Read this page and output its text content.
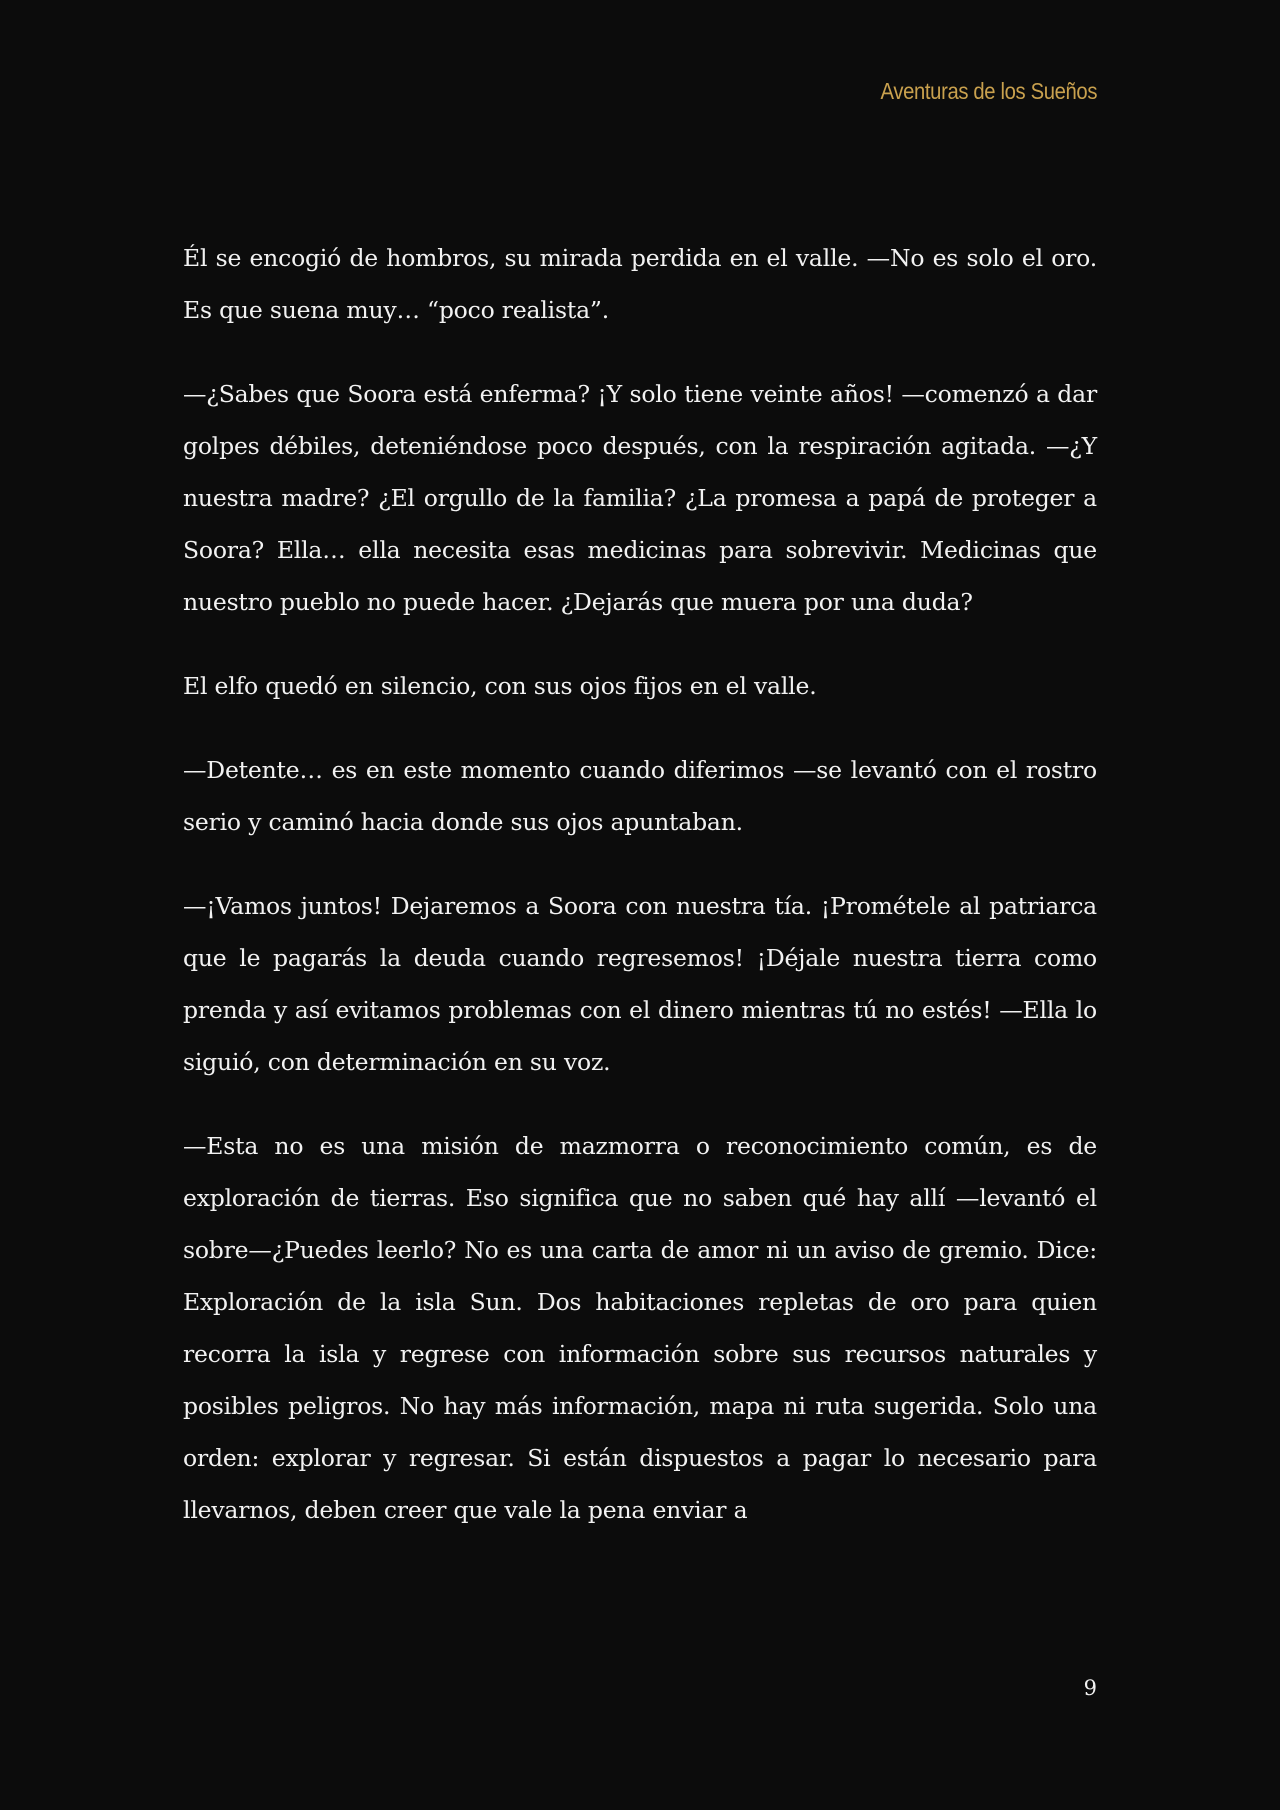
Aventuras de los Sueños

Él se encogió de hombros, su mirada perdida en el valle. —No es solo el oro. Es que suena muy… “poco realista”.

—¿Sabes que Soora está enferma? ¡Y solo tiene veinte años! —comenzó a dar golpes débiles, deteniéndose poco después, con la respiración agitada. —¿Y nuestra madre? ¿El orgullo de la familia? ¿La promesa a papá de proteger a Soora? Ella… ella necesita esas medicinas para sobrevivir. Medicinas que nuestro pueblo no puede hacer. ¿Dejarás que muera por una duda?

El elfo quedó en silencio, con sus ojos fijos en el valle.

—Detente… es en este momento cuando diferimos —se levantó con el rostro serio y caminó hacia donde sus ojos apuntaban.

—¡Vamos juntos! Dejaremos a Soora con nuestra tía. ¡Prométele al patriarca que le pagarás la deuda cuando regresemos! ¡Déjale nuestra tierra como prenda y así evitamos problemas con el dinero mientras tú no estés! —Ella lo siguió, con determinación en su voz.

—Esta no es una misión de mazmorra o reconocimiento común, es de exploración de tierras. Eso significa que no saben qué hay allí —levantó el sobre—¿Puedes leerlo? No es una carta de amor ni un aviso de gremio. Dice: Exploración de la isla Sun. Dos habitaciones repletas de oro para quien recorra la isla y regrese con información sobre sus recursos naturales y posibles peligros. No hay más información, mapa ni ruta sugerida. Solo una orden: explorar y regresar. Si están dispuestos a pagar lo necesario para llevarnos, deben creer que vale la pena enviar a

9
